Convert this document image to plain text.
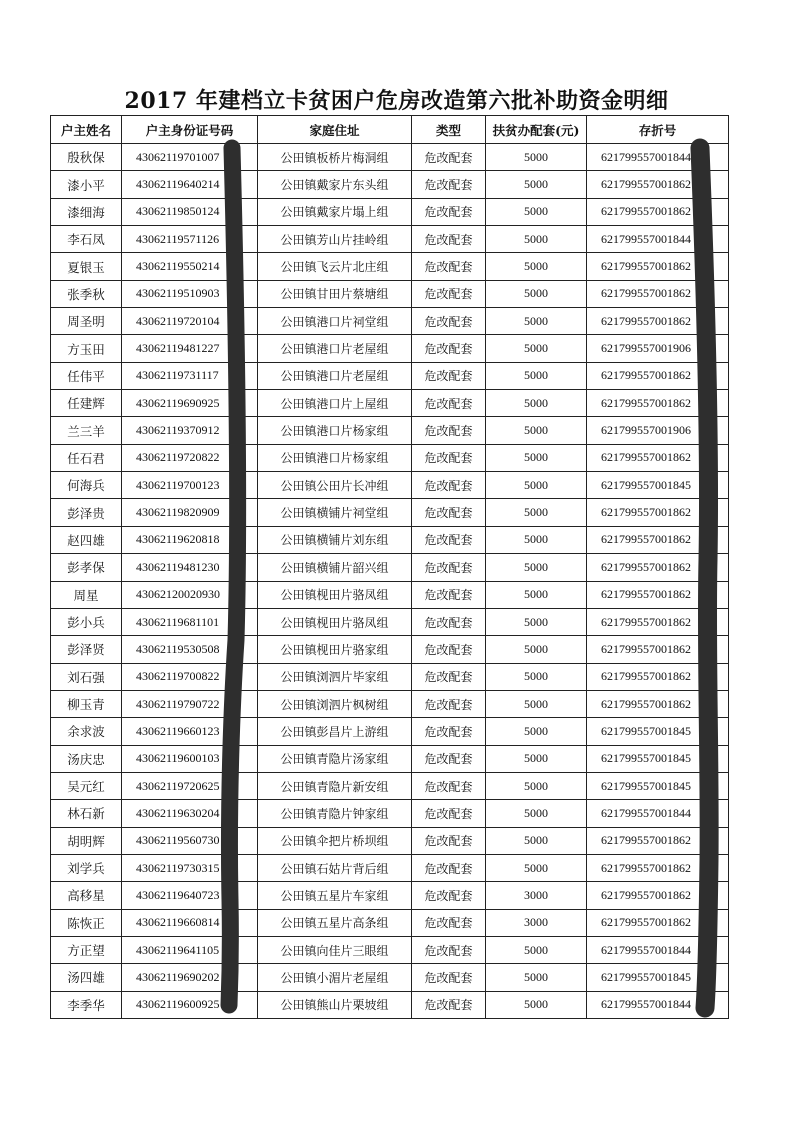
2017 年建档立卡贫困户危房改造第六批补助资金明细
户主姓名	户主身份证号码	家庭住址	类型	扶贫办配套(元)	存折号
殷秋保	43062119701007	公田镇板桥片梅洞组	危改配套	5000	621799557001844
漆小平	43062119640214	公田镇戴家片东头组	危改配套	5000	621799557001862
漆细海	43062119850124	公田镇戴家片塌上组	危改配套	5000	621799557001862
李石凤	43062119571126	公田镇芳山片挂岭组	危改配套	5000	621799557001844
夏银玉	43062119550214	公田镇飞云片北庄组	危改配套	5000	621799557001862
张季秋	43062119510903	公田镇甘田片蔡塘组	危改配套	5000	621799557001862
周圣明	43062119720104	公田镇港口片祠堂组	危改配套	5000	621799557001862
方玉田	43062119481227	公田镇港口片老屋组	危改配套	5000	621799557001906
任伟平	43062119731117	公田镇港口片老屋组	危改配套	5000	621799557001862
任建辉	43062119690925	公田镇港口片上屋组	危改配套	5000	621799557001862
兰三羊	43062119370912	公田镇港口片杨家组	危改配套	5000	621799557001906
任石君	43062119720822	公田镇港口片杨家组	危改配套	5000	621799557001862
何海兵	43062119700123	公田镇公田片长冲组	危改配套	5000	621799557001845
彭泽贵	43062119820909	公田镇横铺片祠堂组	危改配套	5000	621799557001862
赵四雄	43062119620818	公田镇横铺片刘东组	危改配套	5000	621799557001862
彭孝保	43062119481230	公田镇横铺片韶兴组	危改配套	5000	621799557001862
周星	43062120020930	公田镇枧田片骆凤组	危改配套	5000	621799557001862
彭小兵	43062119681101	公田镇枧田片骆凤组	危改配套	5000	621799557001862
彭泽贤	43062119530508	公田镇枧田片骆家组	危改配套	5000	621799557001862
刘石强	43062119700822	公田镇浏泗片毕家组	危改配套	5000	621799557001862
柳玉青	43062119790722	公田镇浏泗片枫树组	危改配套	5000	621799557001862
余求波	43062119660123	公田镇彭昌片上游组	危改配套	5000	621799557001845
汤庆忠	43062119600103	公田镇青隐片汤家组	危改配套	5000	621799557001845
吴元红	43062119720625	公田镇青隐片新安组	危改配套	5000	621799557001845
林石新	43062119630204	公田镇青隐片钟家组	危改配套	5000	621799557001844
胡明辉	43062119560730	公田镇伞把片桥坝组	危改配套	5000	621799557001862
刘学兵	43062119730315	公田镇石姑片背后组	危改配套	5000	621799557001862
高移星	43062119640723	公田镇五星片车家组	危改配套	3000	621799557001862
陈恢正	43062119660814	公田镇五星片高条组	危改配套	3000	621799557001862
方正望	43062119641105	公田镇向佳片三眼组	危改配套	5000	621799557001844
汤四雄	43062119690202	公田镇小湄片老屋组	危改配套	5000	621799557001845
李季华	43062119600925	公田镇熊山片栗坡组	危改配套	5000	621799557001844
